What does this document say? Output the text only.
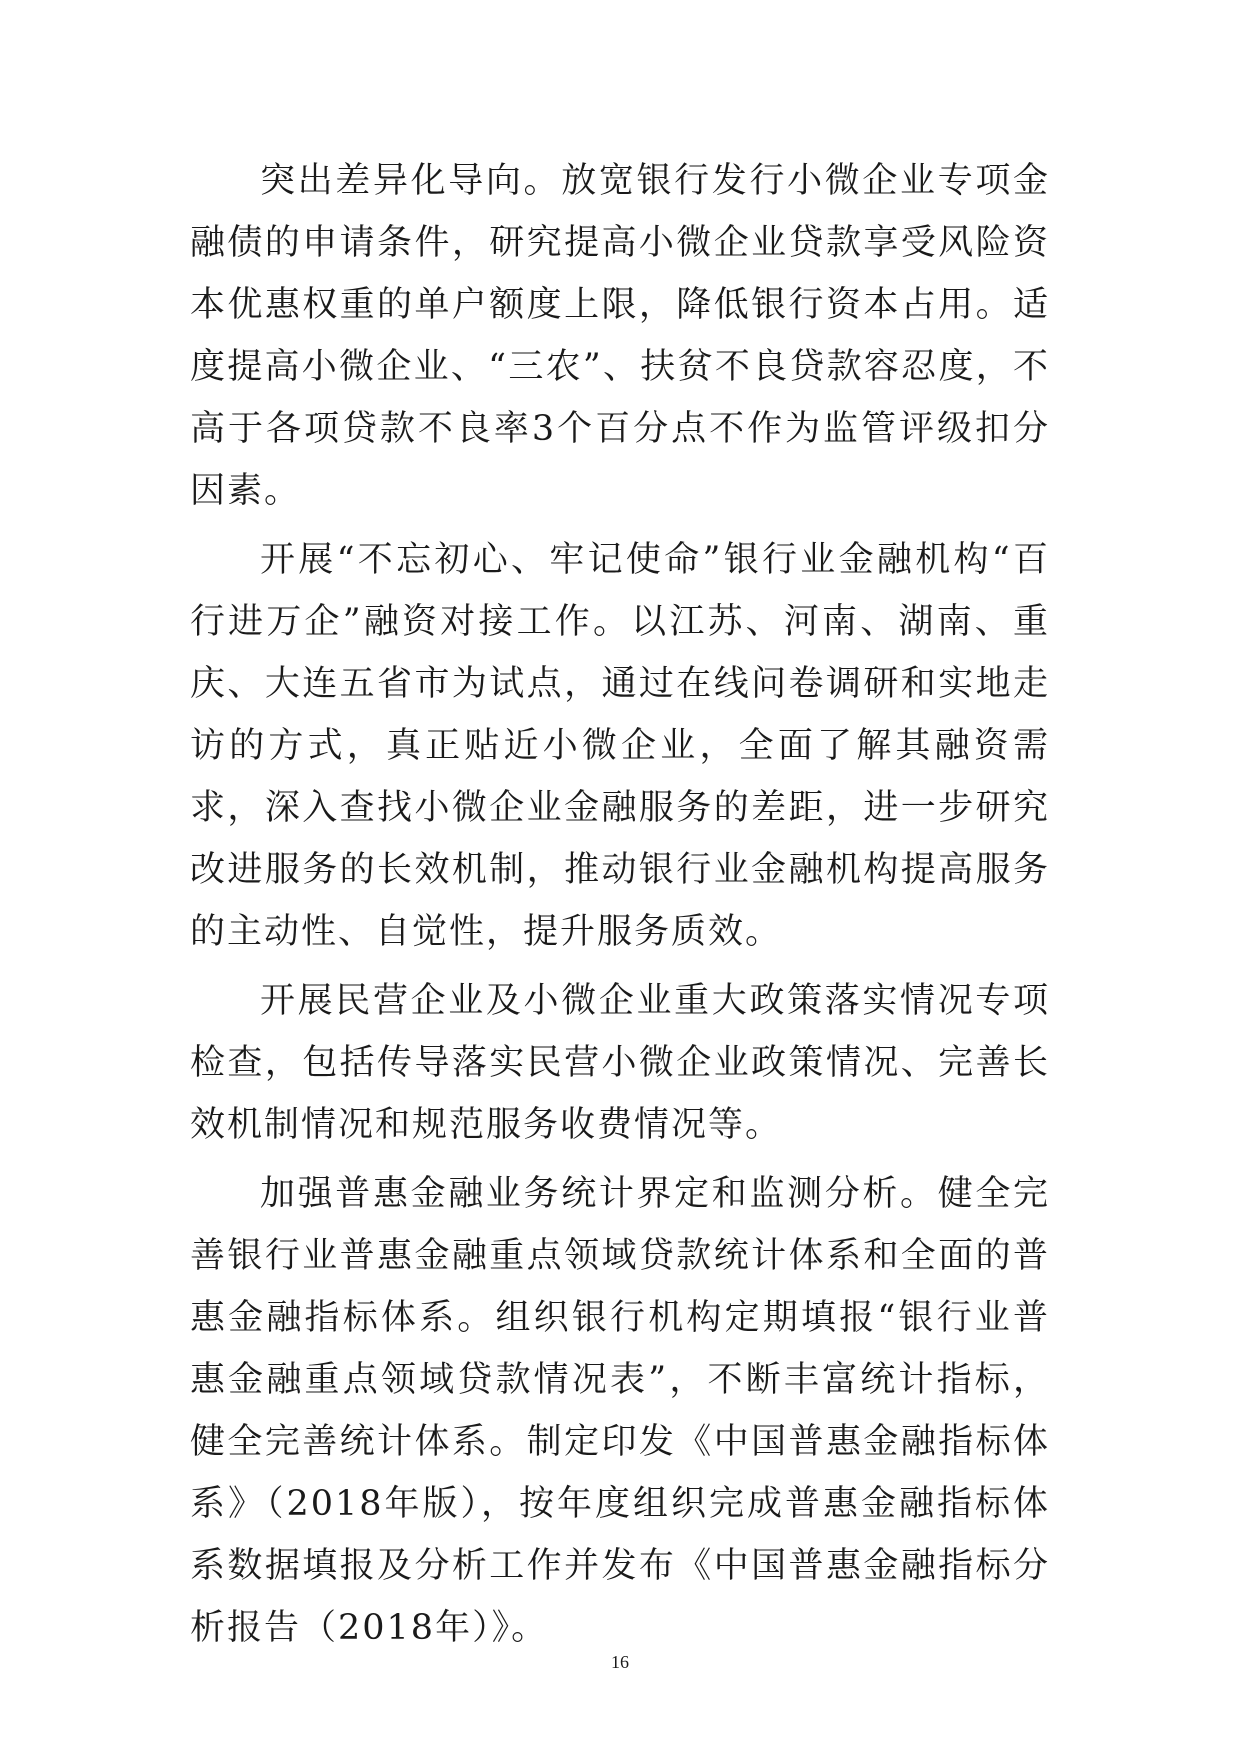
突出差异化导向。放宽银行发行小微企业专项金融债的申请条件，研究提高小微企业贷款享受风险资本优惠权重的单户额度上限，降低银行资本占用。适度提高小微企业、“三农”、扶贫不良贷款容忍度，不高于各项贷款不良率3个百分点不作为监管评级扣分因素。

开展“不忘初心、牢记使命”银行业金融机构“百行进万企”融资对接工作。以江苏、河南、湖南、重庆、大连五省市为试点，通过在线问卷调研和实地走访的方式，真正贴近小微企业，全面了解其融资需求，深入查找小微企业金融服务的差距，进一步研究改进服务的长效机制，推动银行业金融机构提高服务的主动性、自觉性，提升服务质效。

开展民营企业及小微企业重大政策落实情况专项检查，包括传导落实民营小微企业政策情况、完善长效机制情况和规范服务收费情况等。

加强普惠金融业务统计界定和监测分析。健全完善银行业普惠金融重点领域贷款统计体系和全面的普惠金融指标体系。组织银行机构定期填报“银行业普惠金融重点领域贷款情况表”，不断丰富统计指标，健全完善统计体系。制定印发《中国普惠金融指标体系》（2018年版），按年度组织完成普惠金融指标体系数据填报及分析工作并发布《中国普惠金融指标分析报告（2018年）》。

16
